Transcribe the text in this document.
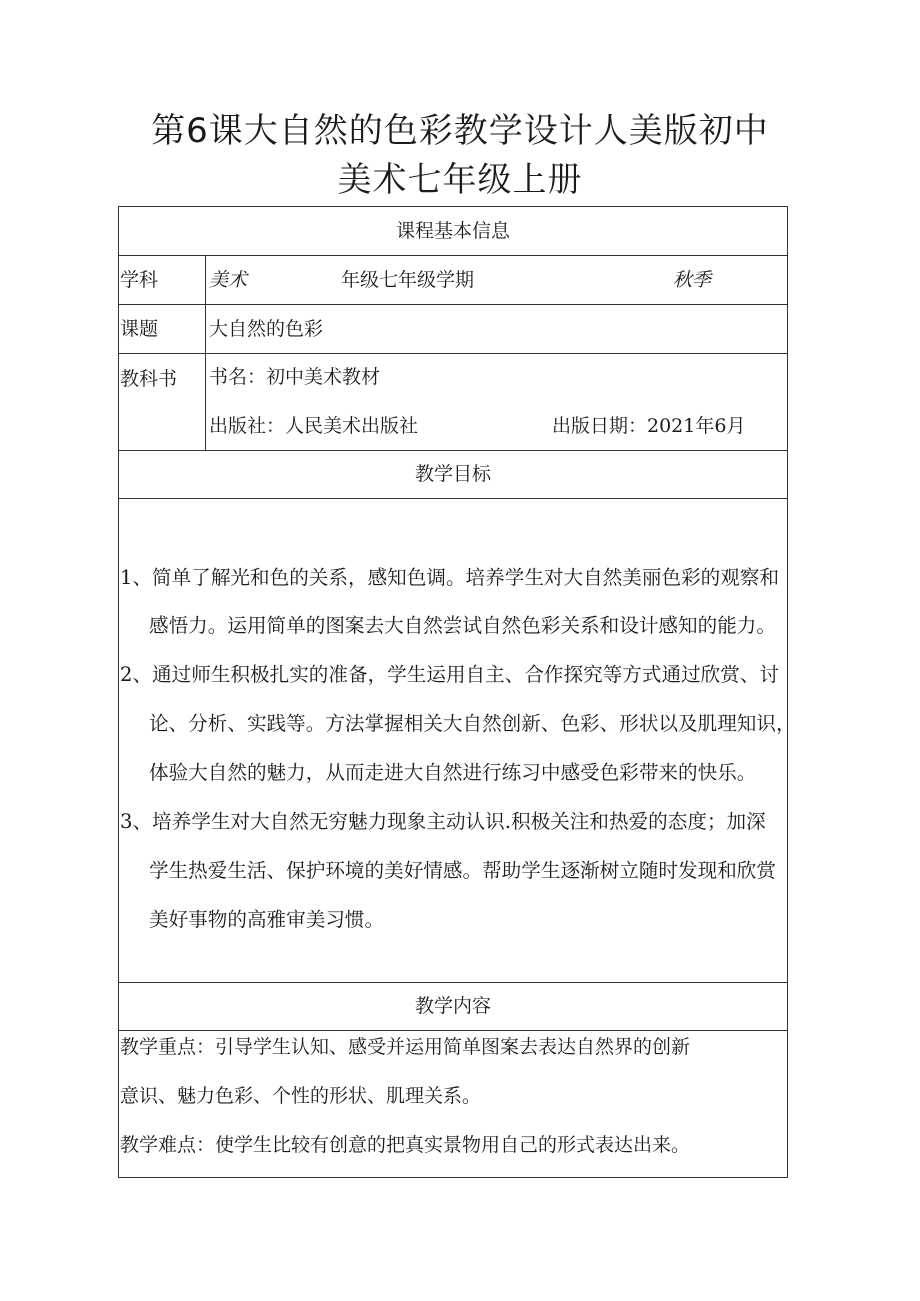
第6课大自然的色彩教学设计人美版初中
美术七年级上册
课程基本信息
学科	美术	年级七年级学期	秋季
课题	大自然的色彩
教科书 书名：初中美术教材
出版社：人民美术出版社	出版日期：2021年6月
教学目标
1、简单了解光和色的关系，感知色调。培养学生对大自然美丽色彩的观察和
感悟力。运用简单的图案去大自然尝试自然色彩关系和设计感知的能力。
2、通过师生积极扎实的准备，学生运用自主、合作探究等方式通过欣赏、讨
论、分析、实践等。方法掌握相关大自然创新、色彩、形状以及肌理知识，
体验大自然的魅力，从而走进大自然进行练习中感受色彩带来的快乐。
3、培养学生对大自然无穷魅力现象主动认识.积极关注和热爱的态度；加深
学生热爱生活、保护环境的美好情感。帮助学生逐渐树立随时发现和欣赏
美好事物的高雅审美习惯。
教学内容
教学重点：引导学生认知、感受并运用简单图案去表达自然界的创新
意识、魅力色彩、个性的形状、肌理关系。
教学难点：使学生比较有创意的把真实景物用自己的形式表达出来。
